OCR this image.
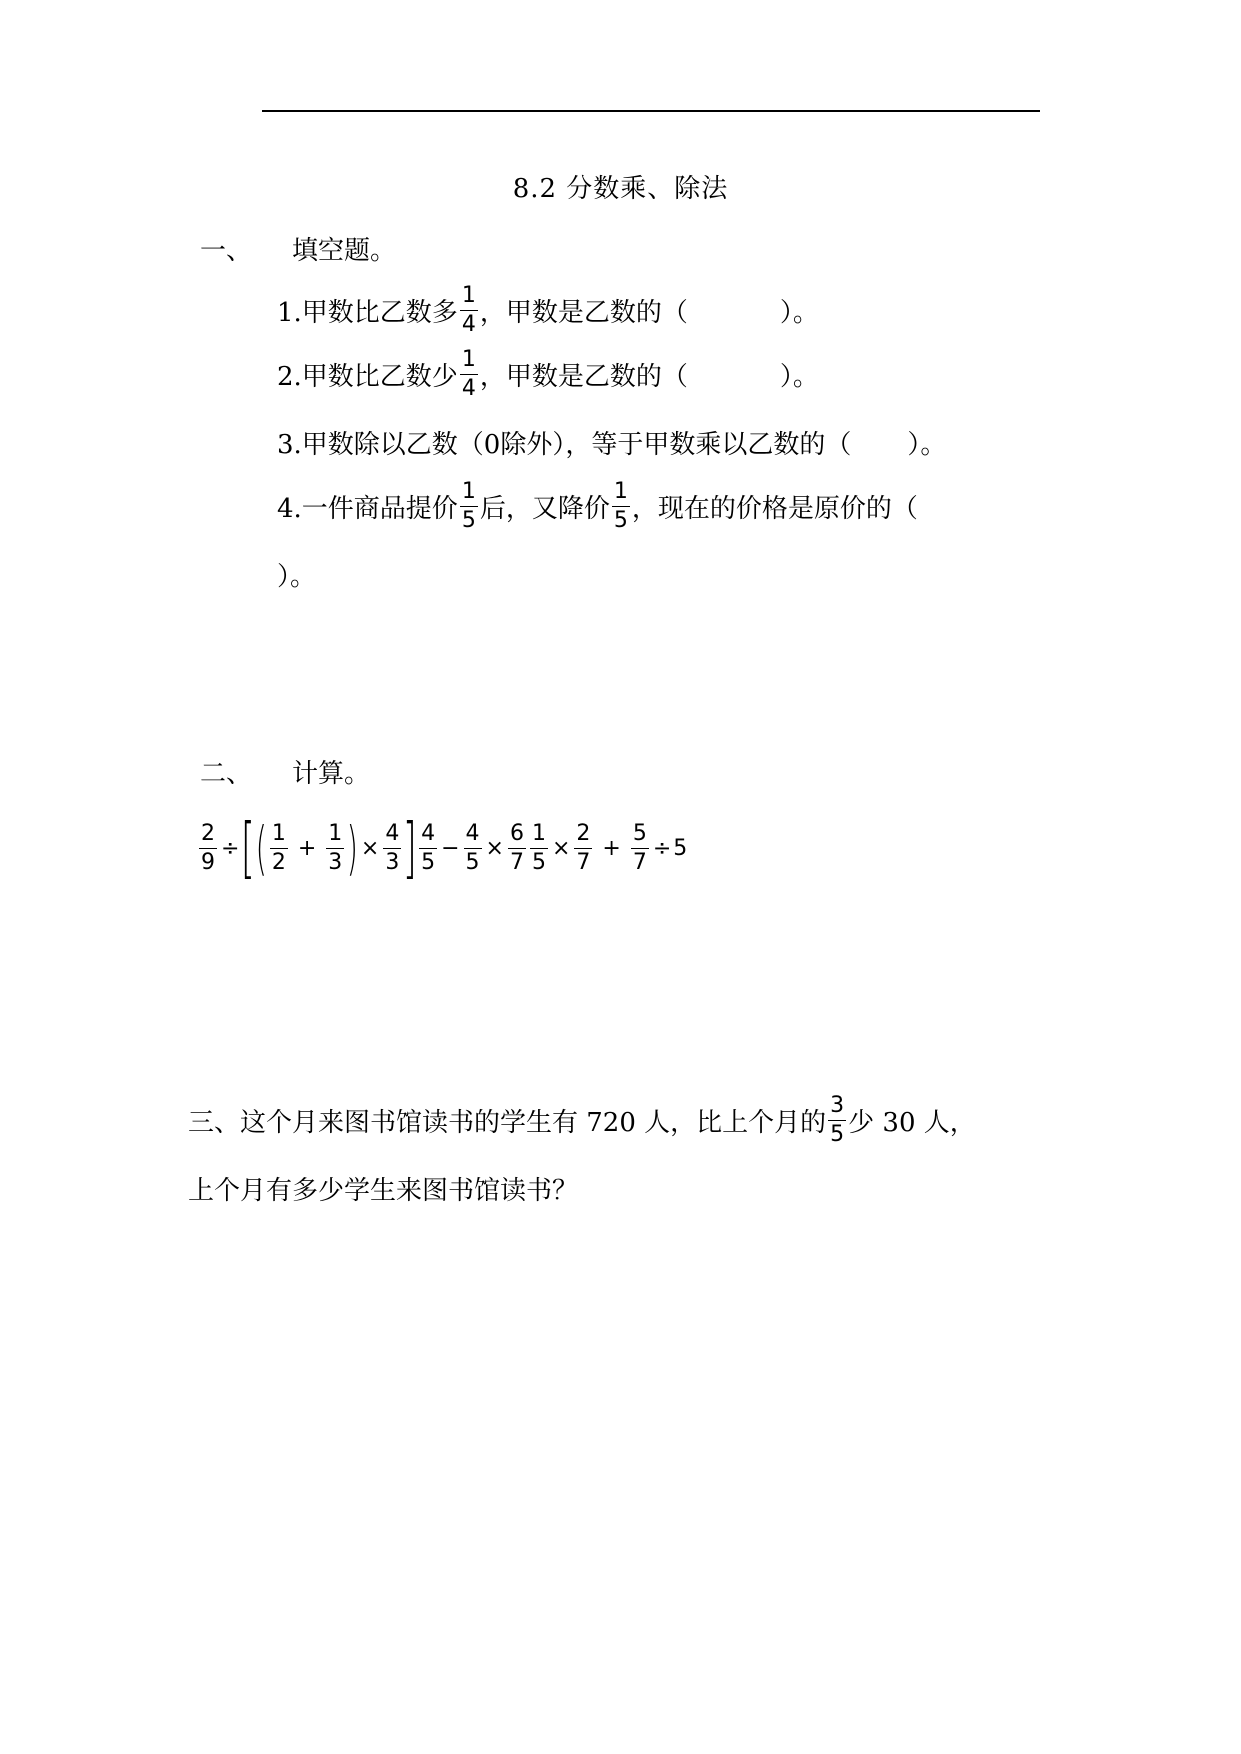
8.2 分数乘、除法
一、 填空题。
1.甲数比乙数多 $\frac{1}{4}$ ，甲数是乙数的（	）。
2.甲数比乙数少 $\frac{1}{4}$ ，甲数是乙数的（	）。
3.甲数除以乙数（0除外），等于甲数乘以乙数的（ ）。
4.一件商品提价 $\frac{1}{5}$ 后，又降价 $\frac{1}{5}$ ，现在的价格是原价的（
）。
二、 计算。
$\frac{2}{9}$ ÷ [ ( $\frac{1}{2} + \frac{1}{3}$ ) × $\frac{4}{3}$ ] $\frac{4}{5} - \frac{4}{5} \times \frac{6}{7} \frac{1}{5} \times \frac{2}{7} + \frac{5}{7} \div 5$
三、这个月来图书馆读书的学生有 720 人，比上个月的 $\frac{3}{5}$ 少 30 人，
上个月有多少学生来图书馆读书？
